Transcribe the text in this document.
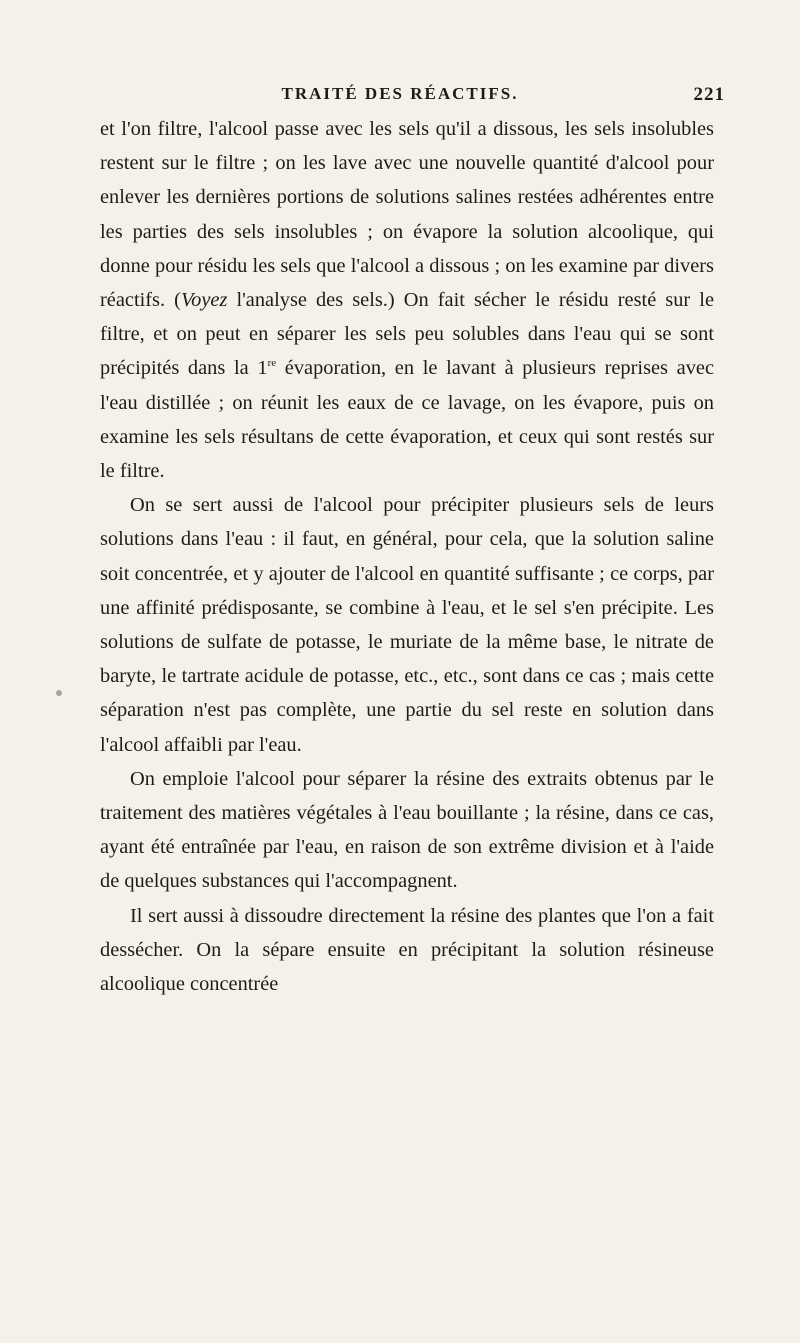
TRAITÉ DES RÉACTIFS.	221

et l'on filtre, l'alcool passe avec les sels qu'il a dissous, les sels insolubles restent sur le filtre ; on les lave avec une nouvelle quantité d'alcool pour enlever les dernières portions de solutions salines restées adhérentes entre les parties des sels insolubles ; on évapore la solution alcoolique, qui donne pour résidu les sels que l'alcool a dissous ; on les examine par divers réactifs. (Voyez l'analyse des sels.) On fait sécher le résidu resté sur le filtre, et on peut en séparer les sels peu solubles dans l'eau qui se sont précipités dans la 1re évaporation, en le lavant à plusieurs reprises avec l'eau distillée ; on réunit les eaux de ce lavage, on les évapore, puis on examine les sels résultans de cette évaporation, et ceux qui sont restés sur le filtre.

On se sert aussi de l'alcool pour précipiter plusieurs sels de leurs solutions dans l'eau : il faut, en général, pour cela, que la solution saline soit concentrée, et y ajouter de l'alcool en quantité suffisante ; ce corps, par une affinité prédisposante, se combine à l'eau, et le sel s'en précipite. Les solutions de sulfate de potasse, le muriate de la même base, le nitrate de baryte, le tartrate acidule de potasse, etc., etc., sont dans ce cas ; mais cette séparation n'est pas complète, une partie du sel reste en solution dans l'alcool affaibli par l'eau.

On emploie l'alcool pour séparer la résine des extraits obtenus par le traitement des matières végétales à l'eau bouillante ; la résine, dans ce cas, ayant été entraînée par l'eau, en raison de son extrême division et à l'aide de quelques substances qui l'accompagnent.

Il sert aussi à dissoudre directement la résine des plantes que l'on a fait dessécher. On la sépare ensuite en précipitant la solution résineuse alcoolique concentrée
